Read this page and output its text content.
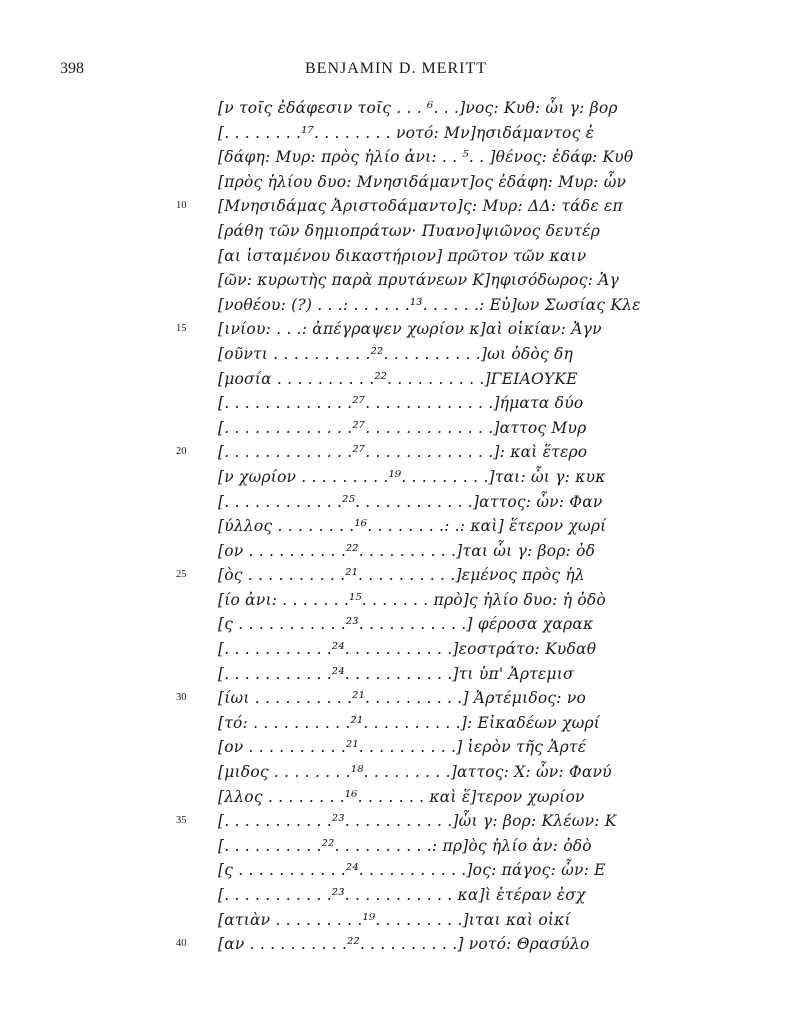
398	BENJAMIN D. MERITT
[ν τοῖς ἐδάφεσιν τοῖς . . . ⁶. . .]νος: Κυθ: ὧι γ: βορ
[. . . . . . . .¹⁷. . . . . . . . νοτό: Μν]ησιδάμαντος ἐ
[δάφη: Μυρ: πρὸς ἡλίο ἀνι: . . ⁵. . ]θένος: ἐδάφ: Κυθ
[πρὸς ἡλίου δυο: Μνησιδάμαντ]ος ἐδάφη: Μυρ: ὧν
10	[Μνησιδάμας Ἀριστοδάμαντο]ς: Μυρ: ΔΔ: τάδε επ
[ράθη τῶν δημιοπράτων· Πυανο]ψιῶνος δευτέρ
[αι ἱσταμένου δικαστήριον] πρῶτον τῶν καιν
[ῶν: κυρωτὴς παρὰ πρυτάνεων Κ]ηφισόδωρος: Ἁγ
[νοθέου: (?) . . .: . . . . . .¹³. . . . . .: Εὐ]ων Σωσίας Κλε
15	[ινίου: . . .: ἀπέγραψεν χωρίον κ]αὶ οἰκίαν: Ἀγν
[οῦντι . . . . . . . . . .²². . . . . . . . . .]ωι ὁδὸς δη
[μοσία . . . . . . . . . .²². . . . . . . . . .]ΓΕΙΑΟΥΚΕ
[. . . . . . . . . . . . .²⁷. . . . . . . . . . . . .]ήματα δύο
[. . . . . . . . . . . . .²⁷. . . . . . . . . . . . .]αττος Μυρ
20	[. . . . . . . . . . . . .²⁷. . . . . . . . . . . . .]: καὶ ἕτερο
[ν χωρίον . . . . . . . . .¹⁹. . . . . . . . .]ται: ὧι γ: κυκ
[. . . . . . . . . . . .²⁵. . . . . . . . . . . .]αττος: ὧν: Φαν
[ύλλος . . . . . . . .¹⁶. . . . . . . .: .: καὶ] ἕτερον χωρί
[ον . . . . . . . . . .²². . . . . . . . . .]ται ὧι γ: βορ: ὁδ
25	[ὸς . . . . . . . . . .²¹. . . . . . . . . .]εμένος πρὸς ἡλ
[ίο ἀνι: . . . . . . .¹⁵. . . . . . . πρὸ]ς ἡλίο δυο: ἡ ὁδὸ
[ς . . . . . . . . . . .²³. . . . . . . . . . .] φέροσα χαρακ
[. . . . . . . . . . .²⁴. . . . . . . . . . .]εοστράτο: Κυδαθ
[. . . . . . . . . . .²⁴. . . . . . . . . . .]τι ὑπ' Ἀρτεμισ
30	[ίωι . . . . . . . . . .²¹. . . . . . . . . .] Ἀρτέμιδος: νο
[τό: . . . . . . . . . .²¹. . . . . . . . . .]: Εἰκαδέων χωρί
[ον . . . . . . . . . .²¹. . . . . . . . . .] ἱερὸν τῆς Ἀρτέ
[μιδος . . . . . . . .¹⁸. . . . . . . . .]αττος: Χ: ὧν: Φανύ
[λλος . . . . . . . .¹⁶. . . . . . . καὶ ἕ]τερον χωρίον
35	[. . . . . . . . . . .²³. . . . . . . . . . .]ὧι γ: βορ: Κλέων: Κ
[. . . . . . . . . .²². . . . . . . . . .: πρ]ὸς ἡλίο ἀν: ὁδὸ
[ς . . . . . . . . . . .²⁴. . . . . . . . . . .]ος: πάγος: ὧν: Ε
[. . . . . . . . . . .²³. . . . . . . . . . . κα]ὶ ἑτέραν ἐσχ
[ατιὰν . . . . . . . . .¹⁹. . . . . . . . .]ιται καὶ οἰκί
40	[αν . . . . . . . . . .²². . . . . . . . . .] νοτό: Θρασύλο
